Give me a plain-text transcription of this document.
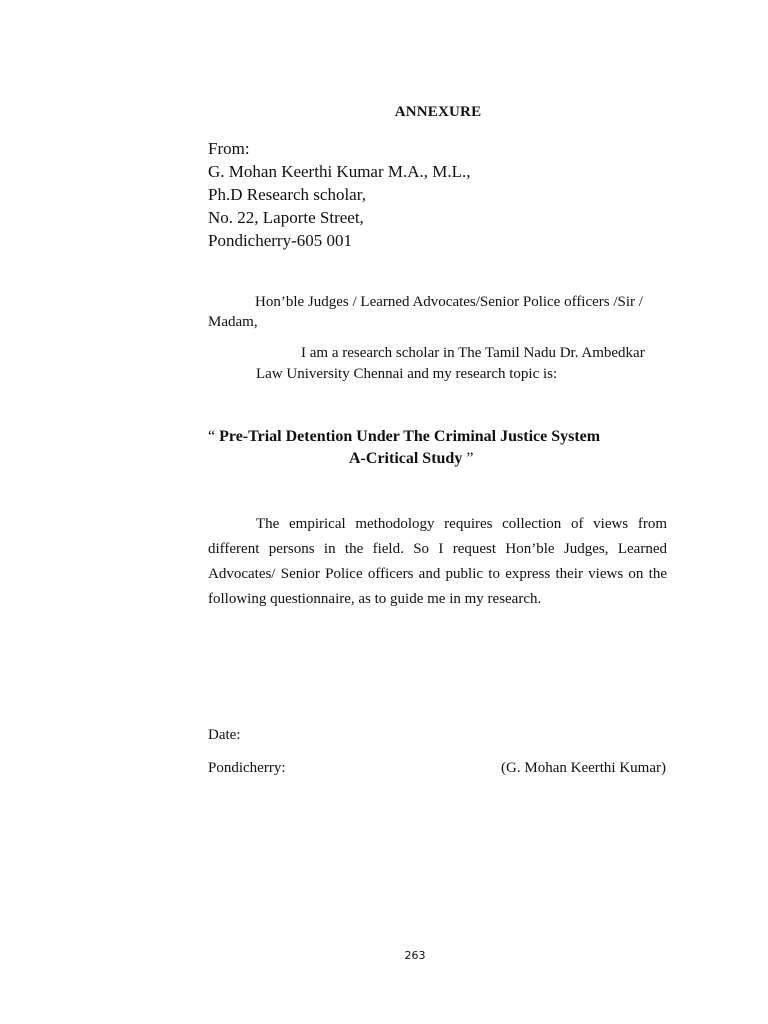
ANNEXURE
From:
G. Mohan Keerthi Kumar M.A., M.L.,
Ph.D Research scholar,
No. 22, Laporte Street,
Pondicherry-605 001
Hon’ble Judges / Learned Advocates/Senior Police officers /Sir /
Madam,
I am a research scholar in The Tamil Nadu Dr. Ambedkar
Law University Chennai and my research topic is:
“ Pre-Trial Detention Under The Criminal Justice System
A-Critical Study ”
The empirical methodology requires collection of views from different persons in the field. So I request Hon’ble Judges, Learned Advocates/ Senior Police officers and public to express their views on the following questionnaire, as to guide me in my research.
Date:
Pondicherry:	(G. Mohan Keerthi Kumar)
263
